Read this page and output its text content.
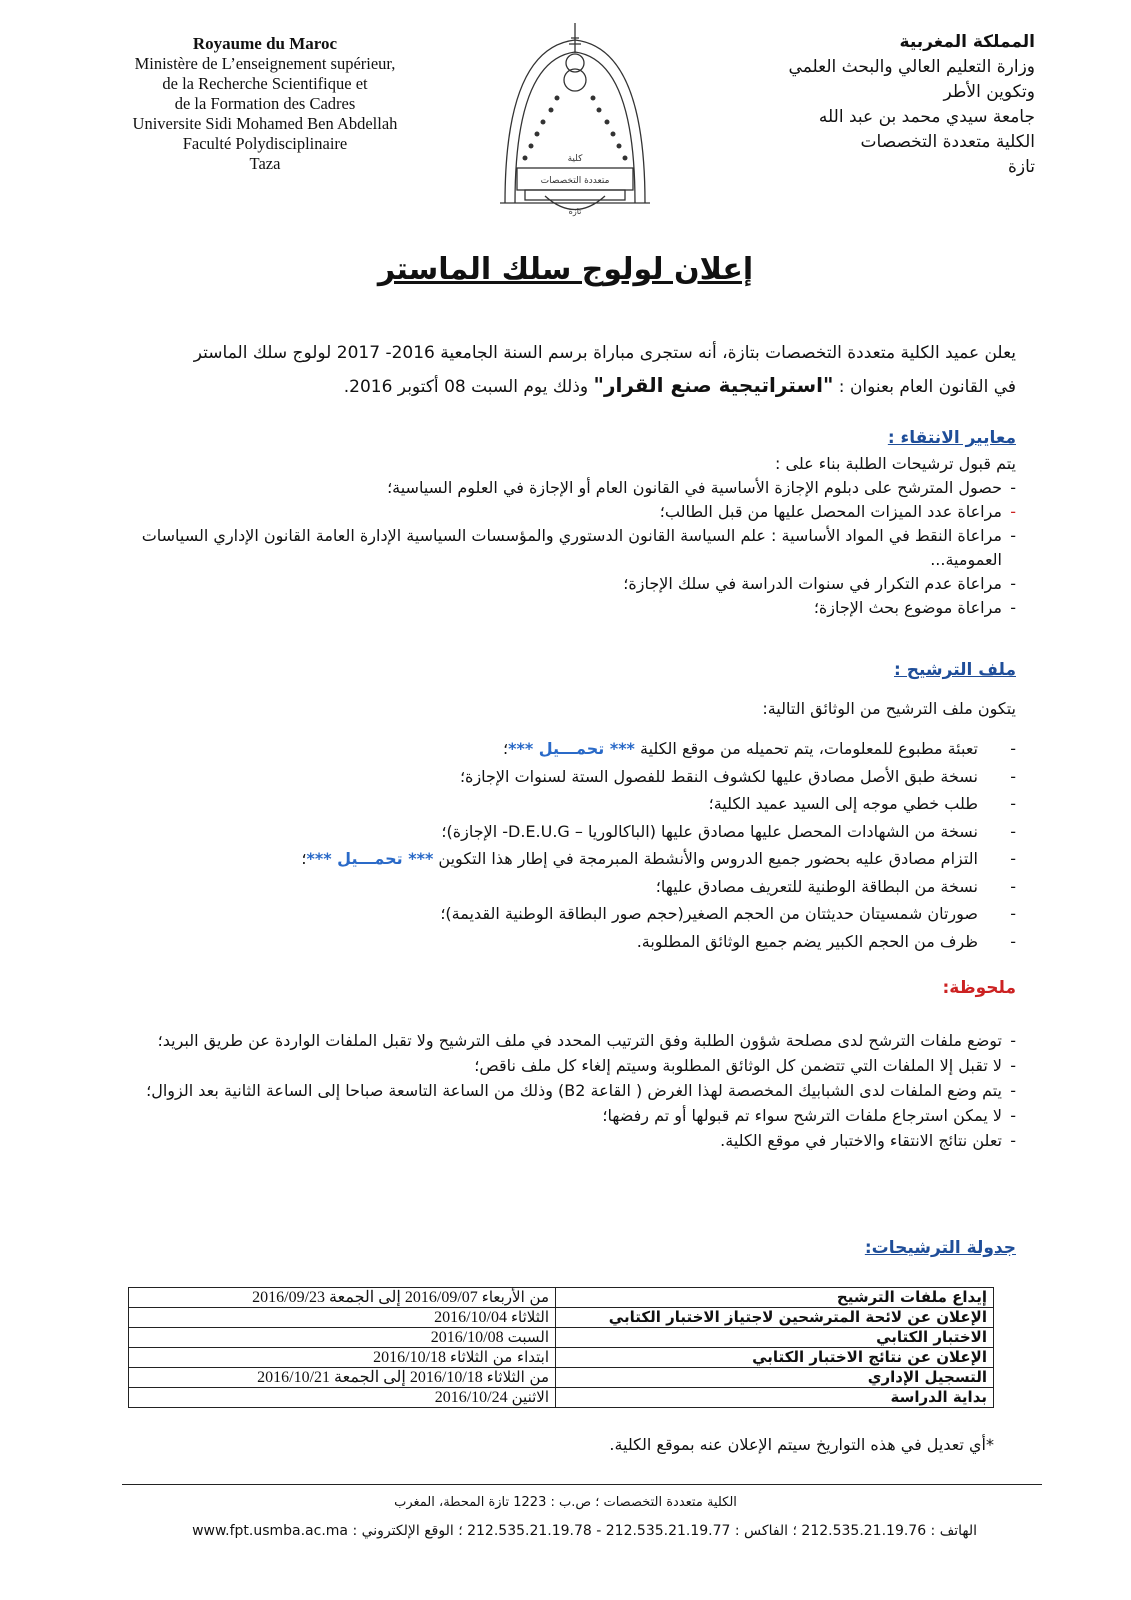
Royaume du Maroc
Ministère de L’enseignement supérieur,
de la Recherche Scientifique et
de la Formation des Cadres
Universite Sidi Mohamed Ben Abdellah
Faculté Polydisciplinaire
Taza	كلية
متعددة التخصصات
تازة
المملكة المغربية
وزارة التعليم العالي والبحث العلمي
وتكوين الأطر
جامعة سيدي محمد بن عبد الله
الكلية متعددة التخصصات
تازة
إعلان لولوج سلك الماستر
يعلن عميد الكلية متعددة التخصصات بتازة، أنه ستجرى مباراة برسم السنة الجامعية 2016- 2017 لولوج سلك الماستر
في القانون العام بعنوان : "استراتيجية صنع القرار" وذلك يوم السبت 08 أكتوبر 2016.
معايير الانتقاء :
يتم قبول ترشيحات الطلبة بناء على :
- حصول المترشح على دبلوم الإجازة الأساسية في القانون العام أو الإجازة في العلوم السياسية؛
- مراعاة عدد الميزات المحصل عليها من قبل الطالب؛
- مراعاة النقط في المواد الأساسية : علم السياسة القانون الدستوري والمؤسسات السياسية الإدارة العامة القانون الإداري السياسات العمومية...
- مراعاة عدم التكرار في سنوات الدراسة في سلك الإجازة؛
- مراعاة موضوع بحث الإجازة؛
ملف الترشيح :
يتكون ملف الترشيح من الوثائق التالية:
- تعبئة مطبوع للمعلومات، يتم تحميله من موقع الكلية *** تحمـــيل ***؛
- نسخة طبق الأصل مصادق عليها لكشوف النقط للفصول الستة لسنوات الإجازة؛
- طلب خطي موجه إلى السيد عميد الكلية؛
- نسخة من الشهادات المحصل عليها مصادق عليها (الباكالوريا – D.E.U.G- الإجازة)؛
- التزام مصادق عليه بحضور جميع الدروس والأنشطة المبرمجة في إطار هذا التكوين *** تحمـــيل ***؛
- نسخة من البطاقة الوطنية للتعريف مصادق عليها؛
- صورتان شمسيتان حديثتان من الحجم الصغير(حجم صور البطاقة الوطنية القديمة)؛
- ظرف من الحجم الكبير يضم جميع الوثائق المطلوبة.
ملحوظة:
- توضع ملفات الترشح لدى مصلحة شؤون الطلبة وفق الترتيب المحدد في ملف الترشيح ولا تقبل الملفات الواردة عن طريق البريد؛
- لا تقبل إلا الملفات التي تتضمن كل الوثائق المطلوبة وسيتم إلغاء كل ملف ناقص؛
- يتم وضع الملفات لدى الشبابيك المخصصة لهذا الغرض ( القاعة B2) وذلك من الساعة التاسعة صباحا إلى الساعة الثانية بعد الزوال؛
- لا يمكن استرجاع ملفات الترشح سواء تم قبولها أو تم رفضها؛
- تعلن نتائج الانتقاء والاختبار في موقع الكلية.
جدولة الترشيحات:
إيداع ملفات الترشيح	من الأربعاء 2016/09/07 إلى الجمعة 2016/09/23
الإعلان عن لائحة المترشحين لاجتياز الاختبار الكتابي	الثلاثاء 2016/10/04
الاختبار الكتابي	السبت 2016/10/08
الإعلان عن نتائج الاختبار الكتابي	ابتداء من الثلاثاء 2016/10/18
التسجيل الإداري	من الثلاثاء 2016/10/18 إلى الجمعة 2016/10/21
بداية الدراسة	الاثنين 2016/10/24
*أي تعديل في هذه التواريخ سيتم الإعلان عنه بموقع الكلية.
الكلية متعددة التخصصات ؛ ص.ب : 1223 تازة المحطة، المغرب
الهاتف : 212.535.21.19.76 ؛ الفاكس : 212.535.21.19.77 - 212.535.21.19.78 ؛ الوقع الإلكتروني : www.fpt.usmba.ac.ma
